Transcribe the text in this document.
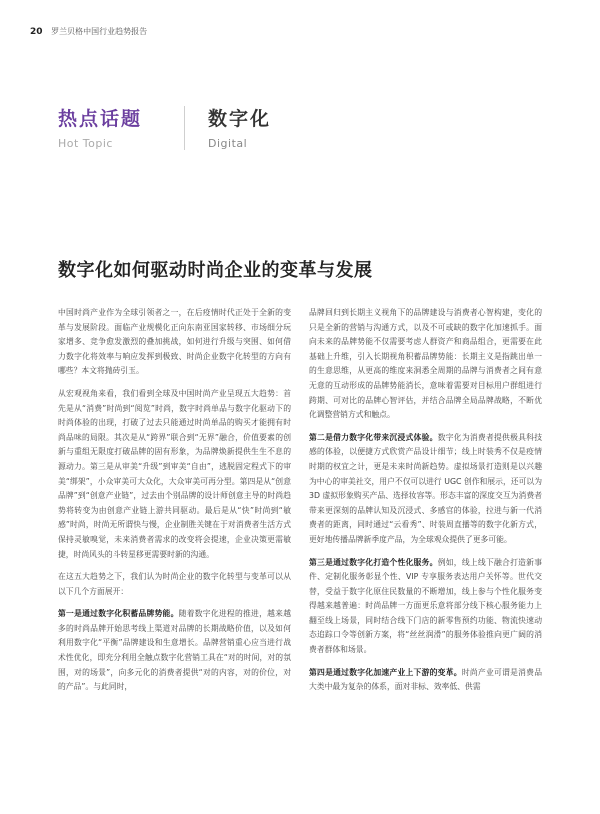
20 罗兰贝格中国行业趋势报告
热点话题
Hot Topic
数字化
Digital
数字化如何驱动时尚企业的变革与发展

中国时尚产业作为全球引领者之一，在后疫情时代正处于全新的变革与发展阶段。面临产业规模化正向东南亚国家转移、市场细分玩家增多、竞争愈发激烈的叠加挑战，如何进行升级与突围、如何借力数字化将效率与响应发挥到极致、时尚企业数字化转型的方向有哪些？本文将抛砖引玉。

从宏观视角来看，我们看到全球及中国时尚产业呈现五大趋势：首先是从“消费”时尚到“阅览”时尚，数字时尚单品与数字化驱动下的时尚体验的出现，打破了过去只能通过时尚单品的购买才能拥有时尚品味的局限。其次是从“跨界”联合到“无界”融合，价值要素的创新与重组无限度打破品牌的固有形象，为品牌焕新提供生生不息的源动力。第三是从审美“升级”到审美“自由”，逃脱固定程式下的审美“绑架”，小众审美可大众化，大众审美可再分型。第四是从“创意品牌”到“创意产业链”，过去由个别品牌的设计师创意主导的时尚趋势将转变为由创意产业链上游共同驱动。最后是从“快”时尚到“敏感”时尚，时尚无所谓快与慢，企业制胜关键在于对消费者生活方式保持灵敏嗅觉，未来消费者需求的改变将会提速，企业决策更需敏捷，时尚风头的斗转星移更需要时新的沟通。

在这五大趋势之下，我们认为时尚企业的数字化转型与变革可以从以下几个方面展开：

第一是通过数字化积蓄品牌势能。随着数字化进程的推进，越来越多的时尚品牌开始思考线上渠道对品牌的长期战略价值，以及如何利用数字化“平衡”品牌建设和生意增长。品牌营销重心应当进行战术性优化，即充分利用全触点数字化营销工具在“对的时间，对的氛围，对的场景”，向多元化的消费者提供“对的内容，对的价位，对的产品”。与此同时，

品牌回归到长期主义视角下的品牌建设与消费者心智构建，变化的只是全新的营销与沟通方式，以及不可或缺的数字化加速抓手。面向未来的品牌势能不仅需要考虑人群资产和商品组合，更需要在此基础上升维，引入长期视角积蓄品牌势能：长期主义是指跳出单一的生意思维，从更高的维度来洞悉全周期的品牌与消费者之间有意无意的互动形成的品牌势能消长，意味着需要对目标用户群组进行跨期、可对比的品牌心智评估，并结合品牌全局品牌战略，不断优化调整营销方式和触点。

第二是借力数字化带来沉浸式体验。数字化为消费者提供极具科技感的体验，以便捷方式欣赏产品设计细节；线上时装秀不仅是疫情时期的权宜之计，更是未来时尚新趋势。虚拟场景打造则是以兴趣为中心的审美社交，用户不仅可以进行 UGC 创作和展示，还可以为 3D 虚拟形象购买产品、选择妆容等。形态丰富的深度交互为消费者带来更深刻的品牌认知及沉浸式、多感官的体验，拉进与新一代消费者的距离，同时通过“云看秀”、时装周直播等的数字化新方式，更好地传播品牌新季度产品，为全球观众提供了更多可能。

第三是通过数字化打造个性化服务。例如，线上线下融合打造新事件、定制化服务彰显个性、VIP 专享服务表达用户关怀等。世代交替，受益于数字化原住民数量的不断增加，线上参与个性化服务变得越来越普遍：时尚品牌一方面更乐意将部分线下核心服务能力上翻至线上场景，同时结合线下门店的新零售预约功能、物流快速动态追踪口令等创新方案，将“丝丝润滑”的服务体验推向更广阔的消费者群体和场景。

第四是通过数字化加速产业上下游的变革。时尚产业可谓是消费品大类中最为复杂的体系，面对非标、效率低、供需
